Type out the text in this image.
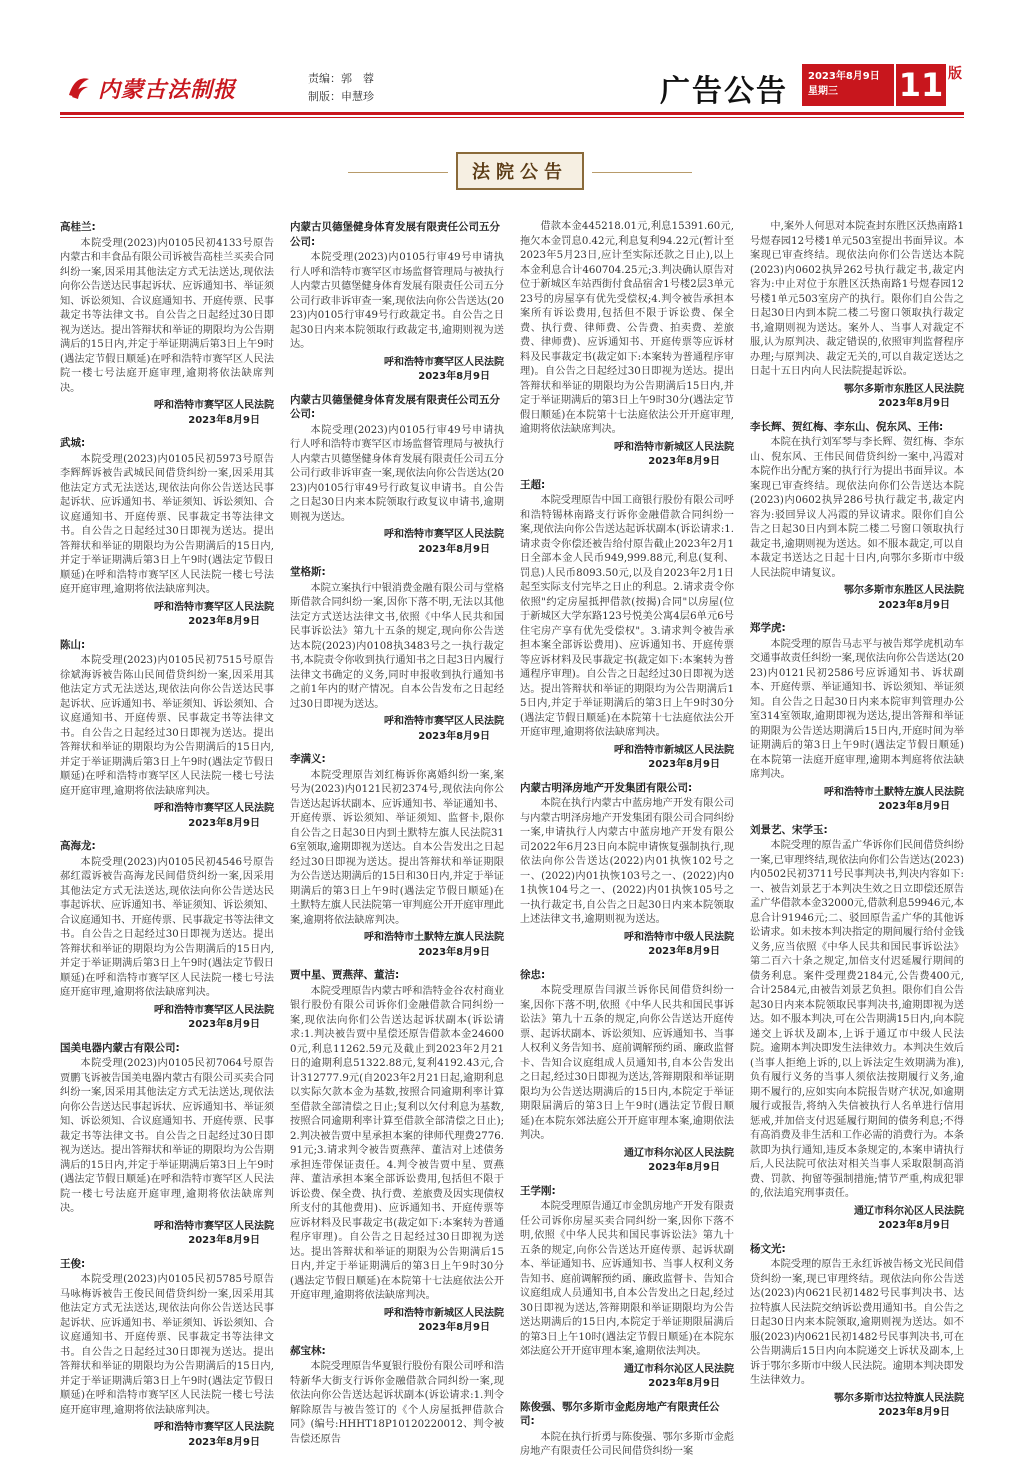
内蒙古法制报	责编：郭　蓉
制版：申慧珍	广告公告 2023年8月9日
星期三	11 版
法院公告
高桂兰:
本院受理(2023)内0105民初4133号原告内蒙古和丰食品有限公司诉被告高桂兰买卖合同纠纷一案,因采用其他法定方式无法送达,现依法向你公告送达民事起诉状、应诉通知书、举证须知、诉讼须知、合议庭通知书、开庭传票、民事裁定书等法律文书。自公告之日起经过30日即视为送达。提出答辩状和举证的期限均为公告期满后的15日内,并定于举证期满后第3日上午9时(遇法定节假日顺延)在呼和浩特市赛罕区人民法院一楼七号法庭开庭审理,逾期将依法缺席判决。
呼和浩特市赛罕区人民法院
2023年8月9日
武城:
本院受理(2023)内0105民初5973号原告李辉辉诉被告武城民间借贷纠纷一案,因采用其他法定方式无法送达,现依法向你公告送达民事起诉状、应诉通知书、举证须知、诉讼须知、合议庭通知书、开庭传票、民事裁定书等法律文书。自公告之日起经过30日即视为送达。提出答辩状和举证的期限均为公告期满后的15日内,并定于举证期满后第3日上午9时(遇法定节假日顺延)在呼和浩特市赛罕区人民法院一楼七号法庭开庭审理,逾期将依法缺席判决。
呼和浩特市赛罕区人民法院
2023年8月9日
陈山:
本院受理(2023)内0105民初7515号原告徐斌海诉被告陈山民间借贷纠纷一案,因采用其他法定方式无法送达,现依法向你公告送达民事起诉状、应诉通知书、举证须知、诉讼须知、合议庭通知书、开庭传票、民事裁定书等法律文书。自公告之日起经过30日即视为送达。提出答辩状和举证的期限均为公告期满后的15日内,并定于举证期满后第3日上午9时(遇法定节假日顺延)在呼和浩特市赛罕区人民法院一楼七号法庭开庭审理,逾期将依法缺席判决。
呼和浩特市赛罕区人民法院
2023年8月9日
高海龙:
本院受理(2023)内0105民初4546号原告郝红霞诉被告高海龙民间借贷纠纷一案,因采用其他法定方式无法送达,现依法向你公告送达民事起诉状、应诉通知书、举证须知、诉讼须知、合议庭通知书、开庭传票、民事裁定书等法律文书。自公告之日起经过30日即视为送达。提出答辩状和举证的期限均为公告期满后的15日内,并定于举证期满后第3日上午9时(遇法定节假日顺延)在呼和浩特市赛罕区人民法院一楼七号法庭开庭审理,逾期将依法缺席判决。
呼和浩特市赛罕区人民法院
2023年8月9日
国美电器内蒙古有限公司:
本院受理(2023)内0105民初7064号原告贾鹏飞诉被告国美电器内蒙古有限公司买卖合同纠纷一案,因采用其他法定方式无法送达,现依法向你公告送达民事起诉状、应诉通知书、举证须知、诉讼须知、合议庭通知书、开庭传票、民事裁定书等法律文书。自公告之日起经过30日即视为送达。提出答辩状和举证的期限均为公告期满后的15日内,并定于举证期满后第3日上午9时(遇法定节假日顺延)在呼和浩特市赛罕区人民法院一楼七号法庭开庭审理,逾期将依法缺席判决。
呼和浩特市赛罕区人民法院
2023年8月9日
王俊:
本院受理(2023)内0105民初5785号原告马咏梅诉被告王俊民间借贷纠纷一案,因采用其他法定方式无法送达,现依法向你公告送达民事起诉状、应诉通知书、举证须知、诉讼须知、合议庭通知书、开庭传票、民事裁定书等法律文书。自公告之日起经过30日即视为送达。提出答辩状和举证的期限均为公告期满后的15日内,并定于举证期满后第3日上午9时(遇法定节假日顺延)在呼和浩特市赛罕区人民法院一楼七号法庭开庭审理,逾期将依法缺席判决。
呼和浩特市赛罕区人民法院
2023年8月9日
内蒙古贝德堡健身体育发展有限责任公司五分公司:
本院受理(2023)内0105行审49号申请执行人呼和浩特市赛罕区市场监督管理局与被执行人内蒙古贝德堡健身体育发展有限责任公司五分公司行政非诉审查一案,现依法向你公告送达(2023)内0105行审49号行政裁定书。自公告之日起30日内来本院领取行政裁定书,逾期则视为送达。
呼和浩特市赛罕区人民法院
2023年8月9日
内蒙古贝德堡健身体育发展有限责任公司五分公司:
本院受理(2023)内0105行审49号申请执行人呼和浩特市赛罕区市场监督管理局与被执行人内蒙古贝德堡健身体育发展有限责任公司五分公司行政非诉审查一案,现依法向你公告送达(2023)内0105行审49号行政复议申请书。自公告之日起30日内来本院领取行政复议申请书,逾期则视为送达。
呼和浩特市赛罕区人民法院
2023年8月9日
堂格斯:
本院立案执行中银消费金融有限公司与堂格斯借款合同纠纷一案,因你下落不明,无法以其他法定方式送达法律文书,依照《中华人民共和国民事诉讼法》第九十五条的规定,现向你公告送达本院(2023)内0108执3483号之一执行裁定书,本院责令你收到执行通知书之日起3日内履行法律文书确定的义务,同时申报收到执行通知书之前1年内的财产情况。自本公告发布之日起经过30日即视为送达。
呼和浩特市赛罕区人民法院
2023年8月9日
李满义:
本院受理原告刘红梅诉你离婚纠纷一案,案号为(2023)内0121民初2374号,现依法向你公告送达起诉状副本、应诉通知书、举证通知书、开庭传票、诉讼须知、举证须知、监督卡,限你自公告之日起30日内到土默特左旗人民法院316室领取,逾期即视为送达。自本公告发出之日起经过30日即视为送达。提出答辩状和举证期限为公告送达期满后的15日和30日内,并定于举证期满后的第3日上午9时(遇法定节假日顺延)在土默特左旗人民法院第一审判庭公开开庭审理此案,逾期将依法缺席判决。
呼和浩特市土默特左旗人民法院
2023年8月9日
贾中星、贾燕萍、董洁:
本院受理原告内蒙古呼和浩特金谷农村商业银行股份有限公司诉你们金融借款合同纠纷一案,现依法向你们公告送达起诉状副本(诉讼请求:1.判决被告贾中星偿还原告借款本金246000元,利息11262.59元及截止到2023年2月21日的逾期利息51322.88元,复利4192.43元,合计312777.9元(自2023年2月21日起,逾期利息以实际欠款本金为基数,按照合同逾期利率计算至借款全部清偿之日止;复利以欠付利息为基数,按照合同逾期利率计算至借款全部清偿之日止);2.判决被告贾中星承担本案的律师代理费2776.91元;3.请求判令被告贾燕萍、董洁对上述债务承担连带保证责任。4.判令被告贾中星、贾燕萍、董洁承担本案全部诉讼费用,包括但不限于诉讼费、保全费、执行费、差旅费及因实现债权所支付的其他费用)、应诉通知书、开庭传票等应诉材料及民事裁定书(裁定如下:本案转为普通程序审理)。自公告之日起经过30日即视为送达。提出答辩状和举证的期限为公告期满后15日内,并定于举证期满后的第3日上午9时30分(遇法定节假日顺延)在本院第十七法庭依法公开开庭审理,逾期将依法缺席判决。
呼和浩特市新城区人民法院
2023年8月9日
郝宝林:
本院受理原告华夏银行股份有限公司呼和浩特新华大街支行诉你金融借款合同纠纷一案,现依法向你公告送达起诉状副本(诉讼请求:1.判令解除原告与被告签订的《个人房屋抵押借款合同》(编号:HHHT18P10120220012、判令被告偿还原告
借款本金445218.01元,利息15391.60元,拖欠本金罚息0.42元,利息复利94.22元(暂计至2023年5月23日,应计至实际还款之日止),以上本金利息合计460704.25元;3.判决确认原告对位于新城区车站西街付食品宿舍1号楼2层3单元23号的房屋享有优先受偿权;4.判令被告承担本案所有诉讼费用,包括但不限于诉讼费、保全费、执行费、律师费、公告费、拍卖费、差旅费、律师费)、应诉通知书、开庭传票等应诉材料及民事裁定书(裁定如下:本案转为普通程序审理)。自公告之日起经过30日即视为送达。提出答辩状和举证的期限均为公告期满后15日内,并定于举证期满后的第3日上午9时30分(遇法定节假日顺延)在本院第十七法庭依法公开开庭审理,逾期将依法缺席判决。
呼和浩特市新城区人民法院
2023年8月9日
王超:
本院受理原告中国工商银行股份有限公司呼和浩特锡林南路支行诉你金融借款合同纠纷一案,现依法向你公告送达起诉状副本(诉讼请求:1.请求责令你偿还被告给付原告截止2023年2月1日全部本金人民币949,999.88元,利息(复利、罚息)人民币8093.50元,以及自2023年2月1日起至实际支付完毕之日止的利息。2.请求责令你依照"约定房屋抵押借款(按揭)合同"以房屋(位于新城区大学东路123号悦美公寓4层6单元6号住宅房产享有优先受偿权"。3.请求判令被告承担本案全部诉讼费用)、应诉通知书、开庭传票等应诉材料及民事裁定书(裁定如下:本案转为普通程序审理)。自公告之日起经过30日即视为送达。提出答辩状和举证的期限均为公告期满后15日内,并定于举证期满后的第3日上午9时30分(遇法定节假日顺延)在本院第十七法庭依法公开开庭审理,逾期将依法缺席判决。
呼和浩特市新城区人民法院
2023年8月9日
内蒙古明泽房地产开发集团有限公司:
本院在执行内蒙古中蓝房地产开发有限公司与内蒙古明泽房地产开发集团有限公司合同纠纷一案,申请执行人内蒙古中蓝房地产开发有限公司2022年6月23日向本院申请恢复强制执行,现依法向你公告送达(2022)内01执恢102号之一、(2022)内01执恢103号之一、(2022)内01执恢104号之一、(2022)内01执恢105号之一执行裁定书,自公告之日起30日内来本院领取上述法律文书,逾期则视为送达。
呼和浩特市中级人民法院
2023年8月9日
徐忠:
本院受理原告闫淑兰诉你民间借贷纠纷一案,因你下落不明,依照《中华人民共和国民事诉讼法》第九十五条的规定,向你公告送达开庭传票、起诉状副本、诉讼须知、应诉通知书、当事人权利义务告知书、庭前调解预约函、廉政监督卡、告知合议庭组成人员通知书,自本公告发出之日起,经过30日即视为送达,答辩期限和举证期限均为公告送达期满后的15日内,本院定于举证期限届满后的第3日上午9时(遇法定节假日顺延)在本院东郊法庭公开开庭审理本案,逾期依法判决。
通辽市科尔沁区人民法院
2023年8月9日
王学刚:
本院受理原告通辽市金凯房地产开发有限责任公司诉你房屋买卖合同纠纷一案,因你下落不明,依照《中华人民共和国民事诉讼法》第九十五条的规定,向你公告送达开庭传票、起诉状副本、举证通知书、应诉通知书、当事人权利义务告知书、庭前调解预约函、廉政监督卡、告知合议庭组成人员通知书,自本公告发出之日起,经过30日即视为送达,答辩期限和举证期限均为公告送达期满后的15日内,本院定于举证期限届满后的第3日上午10时(遇法定节假日顺延)在本院东郊法庭公开开庭审理本案,逾期依法判决。
通辽市科尔沁区人民法院
2023年8月9日
陈俊强、鄂尔多斯市金彪房地产有限责任公司:
本院在执行折勇与陈俊强、鄂尔多斯市金彪房地产有限责任公司民间借贷纠纷一案
中,案外人何思对本院查封东胜区沃热南路1号煜春园12号楼1单元503室提出书面异议。本案现已审查终结。现依法向你们公告送达本院(2023)内0602执异262号执行裁定书,裁定内容为:中止对位于东胜区沃热南路1号煜春园12号楼1单元503室房产的执行。限你们自公告之日起30日内到本院二楼二号窗口领取执行裁定书,逾期则视为送达。案外人、当事人对裁定不服,认为原判决、裁定错误的,依照审判监督程序办理;与原判决、裁定无关的,可以自裁定送达之日起十五日内向人民法院提起诉讼。
鄂尔多斯市东胜区人民法院
2023年8月9日
李长辉、贺红梅、李东山、倪东风、王伟:
本院在执行刘军琴与李长辉、贺红梅、李东山、倪东风、王伟民间借贷纠纷一案中,冯霞对本院作出分配方案的执行行为提出书面异议。本案现已审查终结。现依法向你们公告送达本院(2023)内0602执异286号执行裁定书,裁定内容为:驳回异议人冯霞的异议请求。限你们自公告之日起30日内到本院二楼二号窗口领取执行裁定书,逾期则视为送达。如不服本裁定,可以自本裁定书送达之日起十日内,向鄂尔多斯市中级人民法院申请复议。
鄂尔多斯市东胜区人民法院
2023年8月9日
郑学虎:
本院受理的原告马志平与被告郑学虎机动车交通事故责任纠纷一案,现依法向你公告送达(2023)内0121民初2586号应诉通知书、诉状副本、开庭传票、举证通知书、诉讼须知、举证须知。自公告之日起30日内来本院审判管理办公室314室领取,逾期即视为送达,提出答辩和举证的期限为公告送达期满后15日内,开庭时间为举证期满后的第3日上午9时(遇法定节假日顺延)在本院第一法庭开庭审理,逾期本判庭将依法缺席判决。
呼和浩特市土默特左旗人民法院
2023年8月9日
刘景艺、宋学玉:
本院受理的原告孟广华诉你们民间借贷纠纷一案,已审理终结,现依法向你们公告送达(2023)内0502民初3711号民事判决书,判决内容如下:一、被告刘景艺于本判决生效之日立即偿还原告孟广华借款本金32000元,借款利息59946元,本息合计91946元;二、驳回原告孟广华的其他诉讼请求。如未按本判决指定的期间履行给付金钱义务,应当依照《中华人民共和国民事诉讼法》第二百六十条之规定,加倍支付迟延履行期间的债务利息。案件受理费2184元,公告费400元,合计2584元,由被告刘景艺负担。限你们自公告起30日内来本院领取民事判决书,逾期即视为送达。如不服本判决,可在公告期满15日内,向本院递交上诉状及副本,上诉于通辽市中级人民法院。逾期本判决即发生法律效力。本判决生效后(当事人拒绝上诉的,以上诉法定生效期满为准),负有履行义务的当事人须依法按期履行义务,逾期不履行的,应如实向本院报告财产状况,如逾期履行或报告,将纳入失信被执行人名单进行信用惩戒,并加倍支付迟延履行期间的债务利息;不得有高消费及非生活和工作必需的消费行为。本条款即为执行通知,违反本条规定的,本案申请执行后,人民法院可依法对相关当事人采取限制高消费、罚款、拘留等强制措施;情节严重,构成犯罪的,依法追究刑事责任。
通辽市科尔沁区人民法院
2023年8月9日
杨文光:
本院受理的原告王永红诉被告杨文光民间借贷纠纷一案,现已审理终结。现依法向你公告送达(2023)内0621民初1482号民事判决书、达拉特旗人民法院交纳诉讼费用通知书。自公告之日起30日内来本院领取,逾期则视为送达。如不服(2023)内0621民初1482号民事判决书,可在公告期满后15日内向本院递交上诉状及副本,上诉于鄂尔多斯市中级人民法院。逾期本判决即发生法律效力。
鄂尔多斯市达拉特旗人民法院
2023年8月9日
